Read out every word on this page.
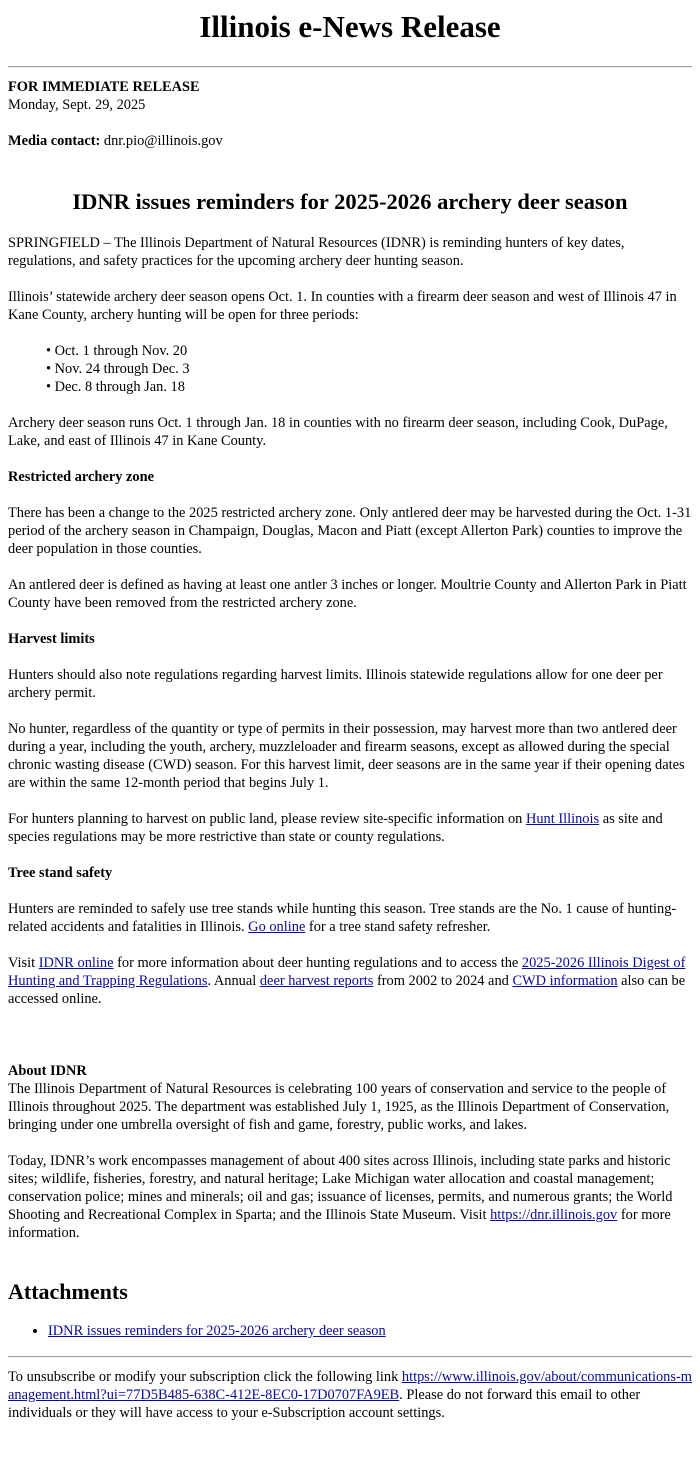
Illinois e-News Release
FOR IMMEDIATE RELEASE
Monday, Sept. 29, 2025
Media contact: dnr.pio@illinois.gov
IDNR issues reminders for 2025-2026 archery deer season

SPRINGFIELD – The Illinois Department of Natural Resources (IDNR) is reminding hunters of key dates, regulations, and safety practices for the upcoming archery deer hunting season.

Illinois’ statewide archery deer season opens Oct. 1. In counties with a firearm deer season and west of Illinois 47 in Kane County, archery hunting will be open for three periods:

• Oct. 1 through Nov. 20
• Nov. 24 through Dec. 3
• Dec. 8 through Jan. 18

Archery deer season runs Oct. 1 through Jan. 18 in counties with no firearm deer season, including Cook, DuPage, Lake, and east of Illinois 47 in Kane County.

Restricted archery zone

There has been a change to the 2025 restricted archery zone. Only antlered deer may be harvested during the Oct. 1-31 period of the archery season in Champaign, Douglas, Macon and Piatt (except Allerton Park) counties to improve the deer population in those counties.

An antlered deer is defined as having at least one antler 3 inches or longer. Moultrie County and Allerton Park in Piatt County have been removed from the restricted archery zone.

Harvest limits

Hunters should also note regulations regarding harvest limits. Illinois statewide regulations allow for one deer per archery permit.

No hunter, regardless of the quantity or type of permits in their possession, may harvest more than two antlered deer during a year, including the youth, archery, muzzleloader and firearm seasons, except as allowed during the special chronic wasting disease (CWD) season. For this harvest limit, deer seasons are in the same year if their opening dates are within the same 12-month period that begins July 1.

For hunters planning to harvest on public land, please review site-specific information on Hunt Illinois as site and species regulations may be more restrictive than state or county regulations.

Tree stand safety

Hunters are reminded to safely use tree stands while hunting this season. Tree stands are the No. 1 cause of hunting-related accidents and fatalities in Illinois. Go online for a tree stand safety refresher.

Visit IDNR online for more information about deer hunting regulations and to access the 2025-2026 Illinois Digest of Hunting and Trapping Regulations. Annual deer harvest reports from 2002 to 2024 and CWD information also can be accessed online.

About IDNR

The Illinois Department of Natural Resources is celebrating 100 years of conservation and service to the people of Illinois throughout 2025. The department was established July 1, 1925, as the Illinois Department of Conservation, bringing under one umbrella oversight of fish and game, forestry, public works, and lakes.

Today, IDNR’s work encompasses management of about 400 sites across Illinois, including state parks and historic sites; wildlife, fisheries, forestry, and natural heritage; Lake Michigan water allocation and coastal management; conservation police; mines and minerals; oil and gas; issuance of licenses, permits, and numerous grants; the World Shooting and Recreational Complex in Sparta; and the Illinois State Museum. Visit https://dnr.illinois.gov for more information.

Attachments
• IDNR issues reminders for 2025-2026 archery deer season

To unsubscribe or modify your subscription click the following link https://www.illinois.gov/about/communications-management.html?ui=77D5B485-638C-412E-8EC0-17D0707FA9EB. Please do not forward this email to other individuals or they will have access to your e-Subscription account settings.
